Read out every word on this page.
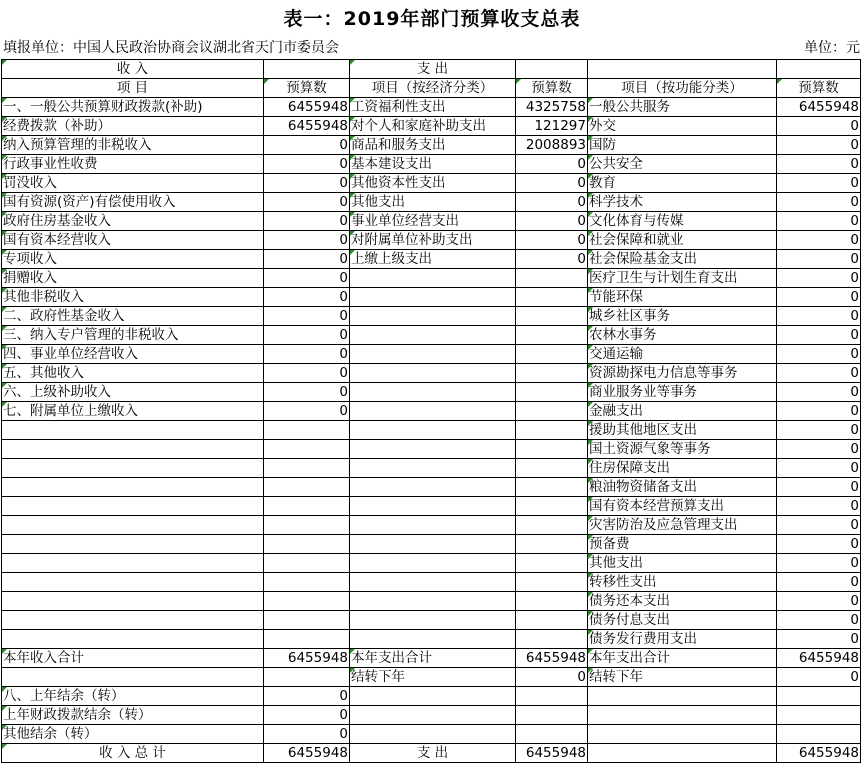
表一：2019年部门预算收支总表
填报单位：中国人民政治协商会议湖北省天门市委员会	单位：元
收 入		支 出			
项 目	预算数	项目（按经济分类）	预算数	项目（按功能分类）	预算数
一、一般公共预算财政拨款(补助)	6455948	工资福利性支出	4325758	一般公共服务	6455948
经费拨款（补助）	6455948	对个人和家庭补助支出	121297	外交	0
纳入预算管理的非税收入	0	商品和服务支出	2008893	国防	0
行政事业性收费	0	基本建设支出	0	公共安全	0
罚没收入	0	其他资本性支出	0	教育	0
国有资源(资产)有偿使用收入	0	其他支出	0	科学技术	0
政府住房基金收入	0	事业单位经营支出	0	文化体育与传媒	0
国有资本经营收入	0	对附属单位补助支出	0	社会保障和就业	0
专项收入	0	上缴上级支出	0	社会保险基金支出	0
捐赠收入	0			医疗卫生与计划生育支出	0
其他非税收入	0			节能环保	0
二、政府性基金收入	0			城乡社区事务	0
三、纳入专户管理的非税收入	0			农林水事务	0
四、事业单位经营收入	0			交通运输	0
五、其他收入	0			资源勘探电力信息等事务	0
六、上级补助收入	0			商业服务业等事务	0
七、附属单位上缴收入	0			金融支出	0
				援助其他地区支出	0
				国土资源气象等事务	0
				住房保障支出	0
				粮油物资储备支出	0
				国有资本经营预算支出	0
				灾害防治及应急管理支出	0
				预备费	0
				其他支出	0
				转移性支出	0
				债务还本支出	0
				债务付息支出	0
				债务发行费用支出	0
本年收入合计	6455948	本年支出合计	6455948	本年支出合计	6455948
		结转下年	0	结转下年	0
八、上年结余（转）	0				
上年财政拨款结余（转）	0				
其他结余（转）	0				
收 入 总 计	6455948	支 出	6455948		6455948
